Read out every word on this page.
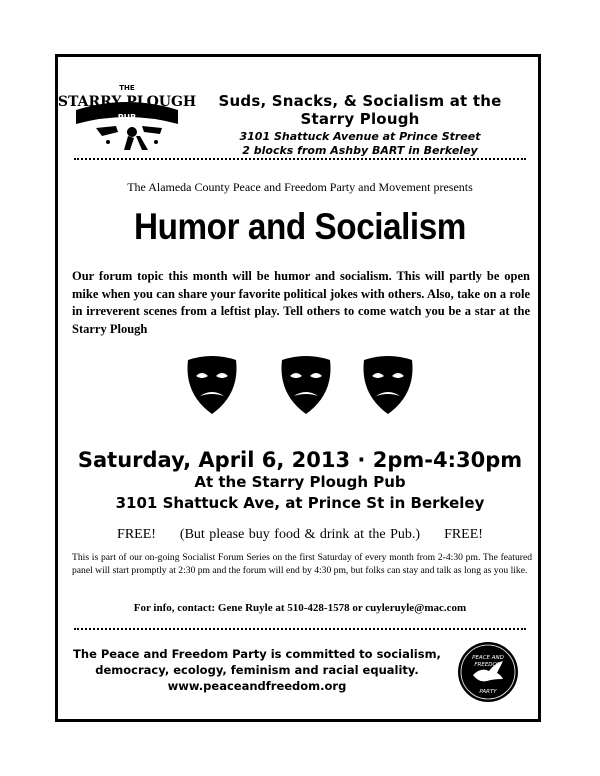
THE
STARRY PLOUGH
PUB
Suds, Snacks, & Socialism at the Starry Plough
3101 Shattuck Avenue at Prince Street
2 blocks from Ashby BART in Berkeley
The Alameda County Peace and Freedom Party and Movement presents
Humor and Socialism
Our forum topic this month will be humor and socialism. This will partly be open mike when you can share your favorite political jokes with others. Also, take on a role in irreverent scenes from a leftist play. Tell others to come watch you be a star at the Starry Plough
Saturday, April 6, 2013 · 2pm-4:30pm
At the Starry Plough Pub
3101 Shattuck Ave, at Prince St in Berkeley
FREE! (But please buy food & drink at the Pub.) FREE!
This is part of our on-going Socialist Forum Series on the first Saturday of every month from 2-4:30 pm. The featured panel will start promptly at 2:30 pm and the forum will end by 4:30 pm, but folks can stay and talk as long as you like.
For info, contact: Gene Ruyle at 510-428-1578 or cuyleruyle@mac.com
The Peace and Freedom Party is committed to socialism,
democracy, ecology, feminism and racial equality.
www.peaceandfreedom.org
PEACE AND
FREEDOM
PARTY
